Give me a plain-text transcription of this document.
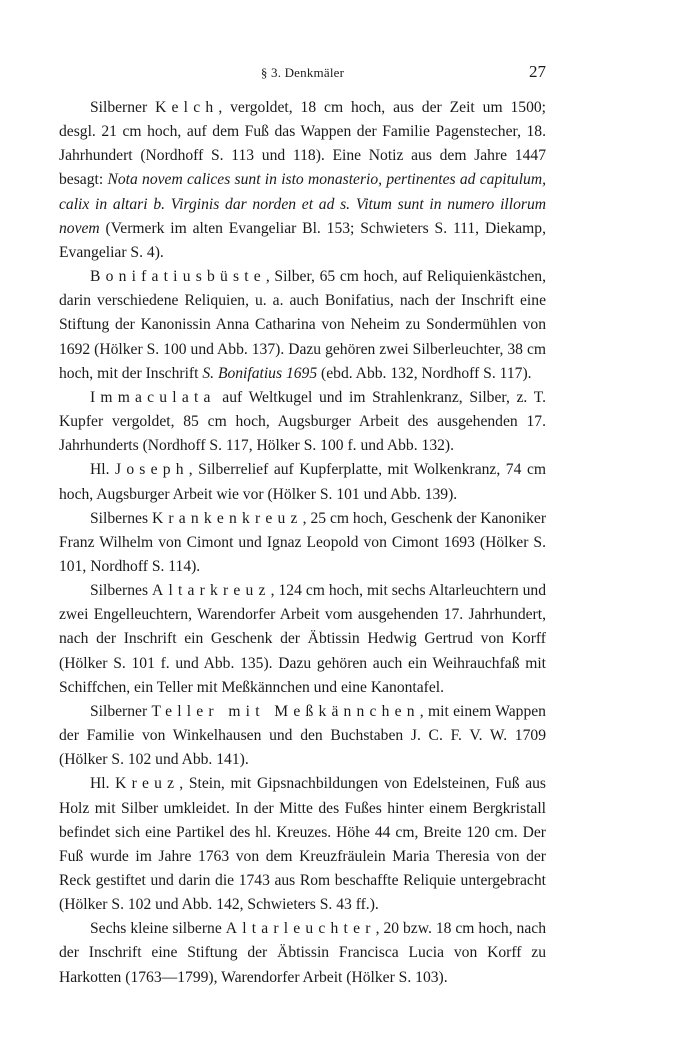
§ 3. Denkmäler	27

Silberner Kelch, vergoldet, 18 cm hoch, aus der Zeit um 1500; desgl. 21 cm hoch, auf dem Fuß das Wappen der Familie Pagenstecher, 18. Jahrhundert (Nordhoff S. 113 und 118). Eine Notiz aus dem Jahre 1447 besagt: Nota novem calices sunt in isto monasterio, pertinentes ad capitulum, calix in altari b. Virginis dar norden et ad s. Vitum sunt in numero illorum novem (Vermerk im alten Evangeliar Bl. 153; Schwieters S. 111, Diekamp, Evangeliar S. 4).

Bonifatiusbüste, Silber, 65 cm hoch, auf Reliquienkästchen, darin verschiedene Reliquien, u. a. auch Bonifatius, nach der Inschrift eine Stiftung der Kanonissin Anna Catharina von Neheim zu Sondermühlen von 1692 (Hölker S. 100 und Abb. 137). Dazu gehören zwei Silberleuchter, 38 cm hoch, mit der Inschrift S. Bonifatius 1695 (ebd. Abb. 132, Nordhoff S. 117).

Immaculata auf Weltkugel und im Strahlenkranz, Silber, z. T. Kupfer vergoldet, 85 cm hoch, Augsburger Arbeit des ausgehenden 17. Jahrhunderts (Nordhoff S. 117, Hölker S. 100 f. und Abb. 132).

Hl. Joseph, Silberrelief auf Kupferplatte, mit Wolkenkranz, 74 cm hoch, Augsburger Arbeit wie vor (Hölker S. 101 und Abb. 139).

Silbernes Krankenkreuz, 25 cm hoch, Geschenk der Kanoniker Franz Wilhelm von Cimont und Ignaz Leopold von Cimont 1693 (Hölker S. 101, Nordhoff S. 114).

Silbernes Altarkreuz, 124 cm hoch, mit sechs Altarleuchtern und zwei Engelleuchtern, Warendorfer Arbeit vom ausgehenden 17. Jahrhundert, nach der Inschrift ein Geschenk der Äbtissin Hedwig Gertrud von Korff (Hölker S. 101 f. und Abb. 135). Dazu gehören auch ein Weihrauchfaß mit Schiffchen, ein Teller mit Meßkännchen und eine Kanontafel.

Silberner Teller mit Meßkännchen, mit einem Wappen der Familie von Winkelhausen und den Buchstaben J. C. F. V. W. 1709 (Hölker S. 102 und Abb. 141).

Hl. Kreuz, Stein, mit Gipsnachbildungen von Edelsteinen, Fuß aus Holz mit Silber umkleidet. In der Mitte des Fußes hinter einem Bergkristall befindet sich eine Partikel des hl. Kreuzes. Höhe 44 cm, Breite 120 cm. Der Fuß wurde im Jahre 1763 von dem Kreuzfräulein Maria Theresia von der Reck gestiftet und darin die 1743 aus Rom beschaffte Reliquie untergebracht (Hölker S. 102 und Abb. 142, Schwieters S. 43 ff.).

Sechs kleine silberne Altarleuchter, 20 bzw. 18 cm hoch, nach der Inschrift eine Stiftung der Äbtissin Francisca Lucia von Korff zu Harkotten (1763—1799), Warendorfer Arbeit (Hölker S. 103).
